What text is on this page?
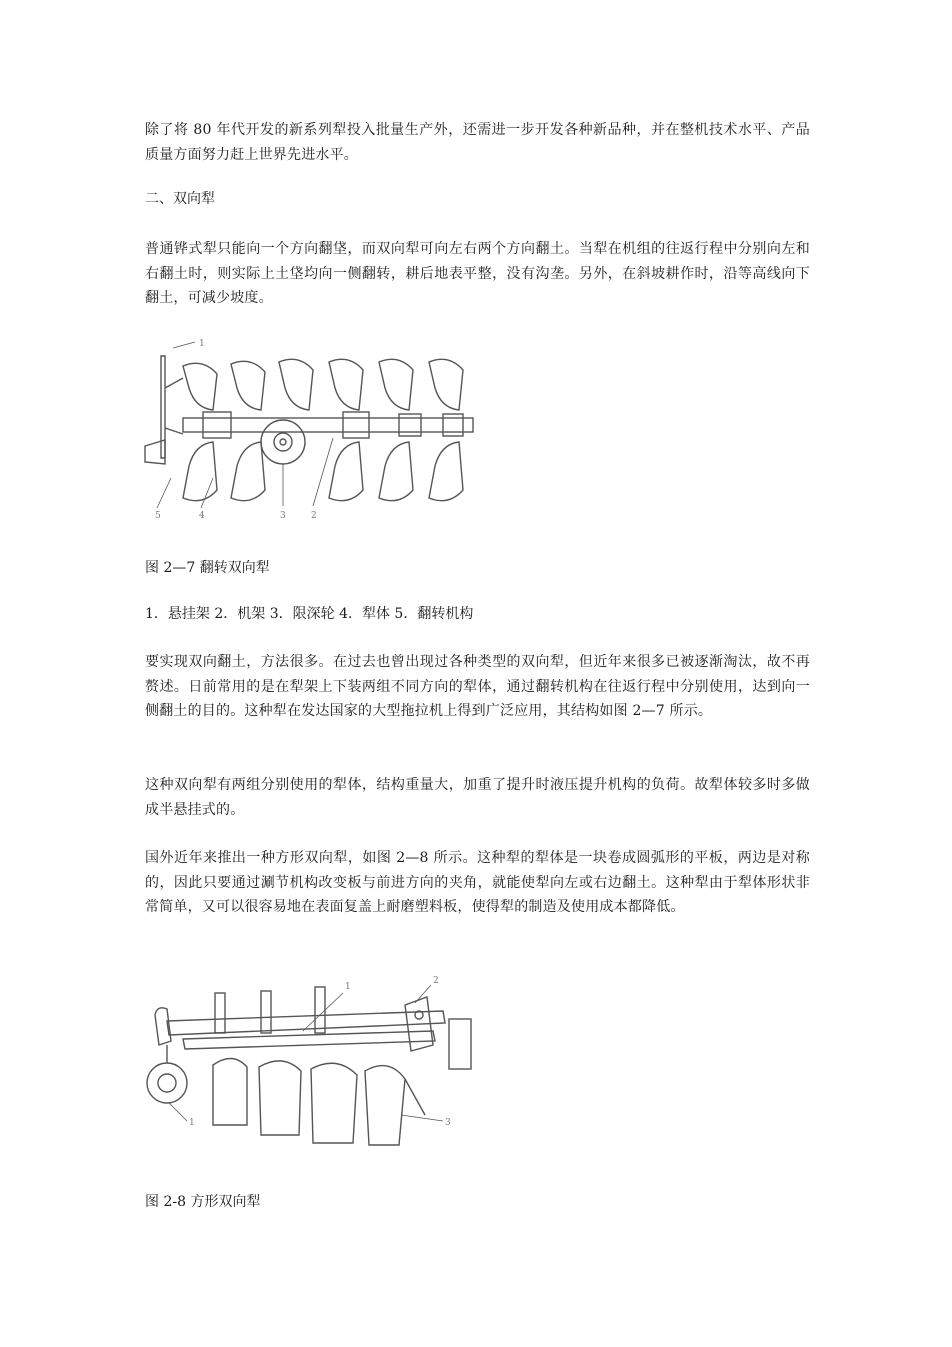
除了将 80 年代开发的新系列犁投入批量生产外，还需进一步开发各种新品种，并在整机技术水平、产品质量方面努力赶上世界先进水平。

二、双向犁

普通铧式犁只能向一个方向翻垡，而双向犁可向左右两个方向翻土。当犁在机组的往返行程中分别向左和右翻土时，则实际上土垡均向一侧翻转，耕后地表平整，没有沟垄。另外，在斜坡耕作时，沿等高线向下翻土，可减少坡度。

1
5	4	3	2

图 2—7 翻转双向犁

1．悬挂架 2．机架 3．限深轮 4．犁体 5．翻转机构

要实现双向翻土，方法很多。在过去也曾出现过各种类型的双向犁，但近年来很多已被逐渐淘汰，故不再赘述。日前常用的是在犁架上下装两组不同方向的犁体，通过翻转机构在往返行程中分别使用，达到向一侧翻土的目的。这种犁在发达国家的大型拖拉机上得到广泛应用，其结构如图 2—7 所示。

这种双向犁有两组分别使用的犁体，结构重量大，加重了提升时液压提升机构的负荷。故犁体较多时多做成半悬挂式的。

国外近年来推出一种方形双向犁，如图 2—8 所示。这种犁的犁体是一块卷成圆弧形的平板，两边是对称的，因此只要通过涮节机构改变板与前进方向的夹角，就能使犁向左或右边翻土。这种犁由于犁体形状非常简单，又可以很容易地在表面复盖上耐磨塑料板，使得犁的制造及使用成本都降低。

1
2
1	3

图 2-8 方形双向犁
